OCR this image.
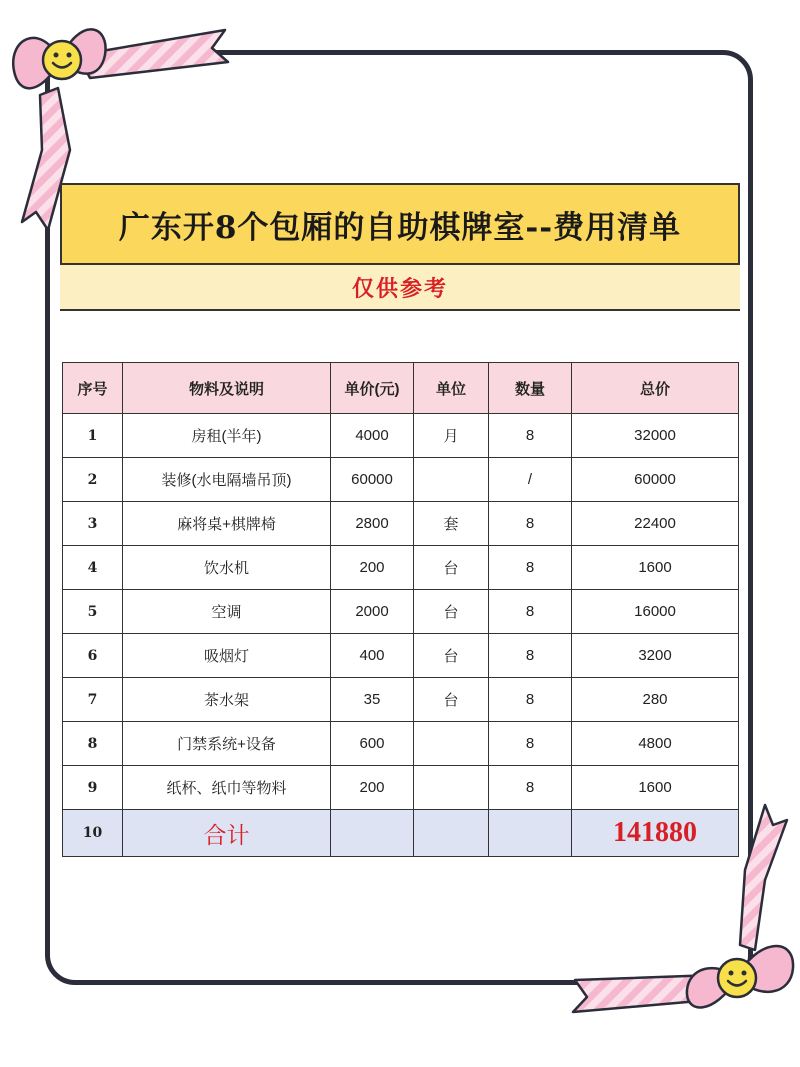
广东开8个包厢的自助棋牌室--费用清单
仅供参考
序号	物料及说明	单价(元)	单位	数量	总价
1	房租(半年)	4000	月	8	32000
2	装修(水电隔墙吊顶)	60000		/	60000
3	麻将桌+棋牌椅	2800	套	8	22400
4	饮水机	200	台	8	1600
5	空调	2000	台	8	16000
6	吸烟灯	400	台	8	3200
7	茶水架	35	台	8	280
8	门禁系统+设备	600		8	4800
9	纸杯、纸巾等物料	200		8	1600
10	合计				141880
